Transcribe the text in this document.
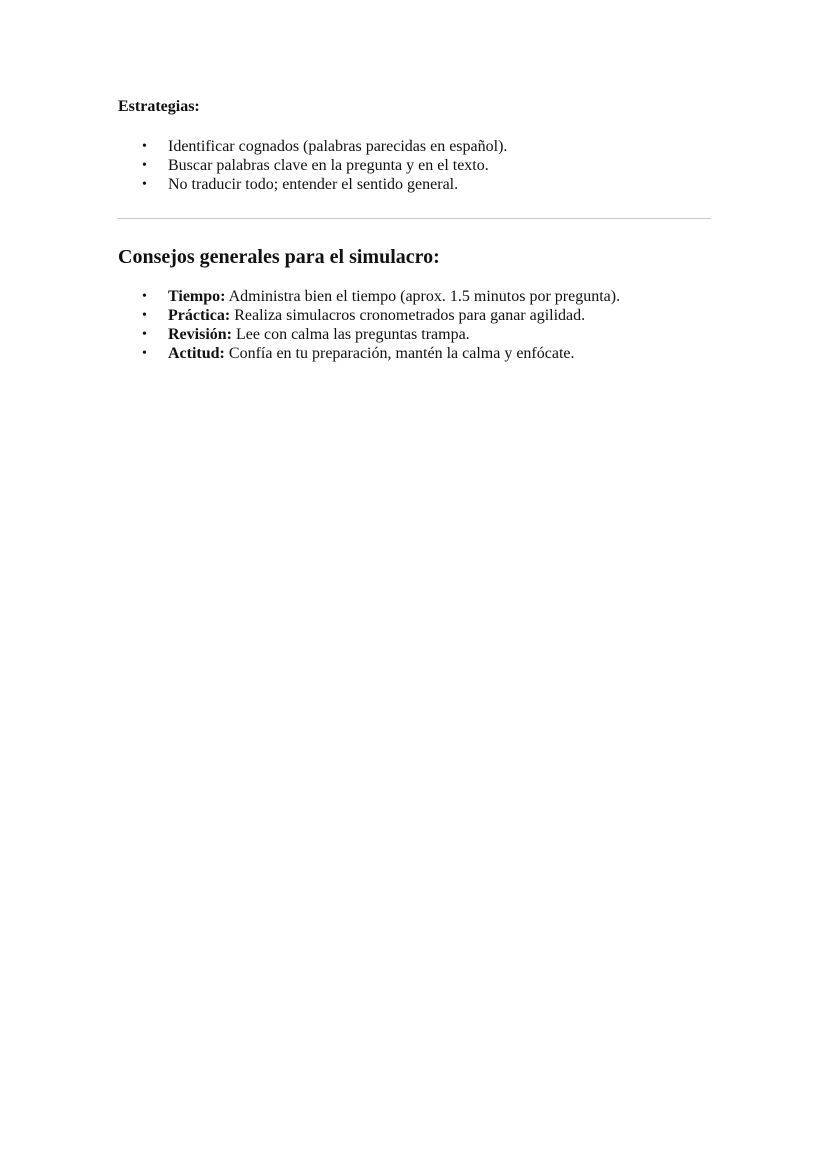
Estrategias:

• Identificar cognados (palabras parecidas en español).
• Buscar palabras clave en la pregunta y en el texto.
• No traducir todo; entender el sentido general.
Consejos generales para el simulacro:
• Tiempo: Administra bien el tiempo (aprox. 1.5 minutos por pregunta).
• Práctica: Realiza simulacros cronometrados para ganar agilidad.
• Revisión: Lee con calma las preguntas trampa.
• Actitud: Confía en tu preparación, mantén la calma y enfócate.
